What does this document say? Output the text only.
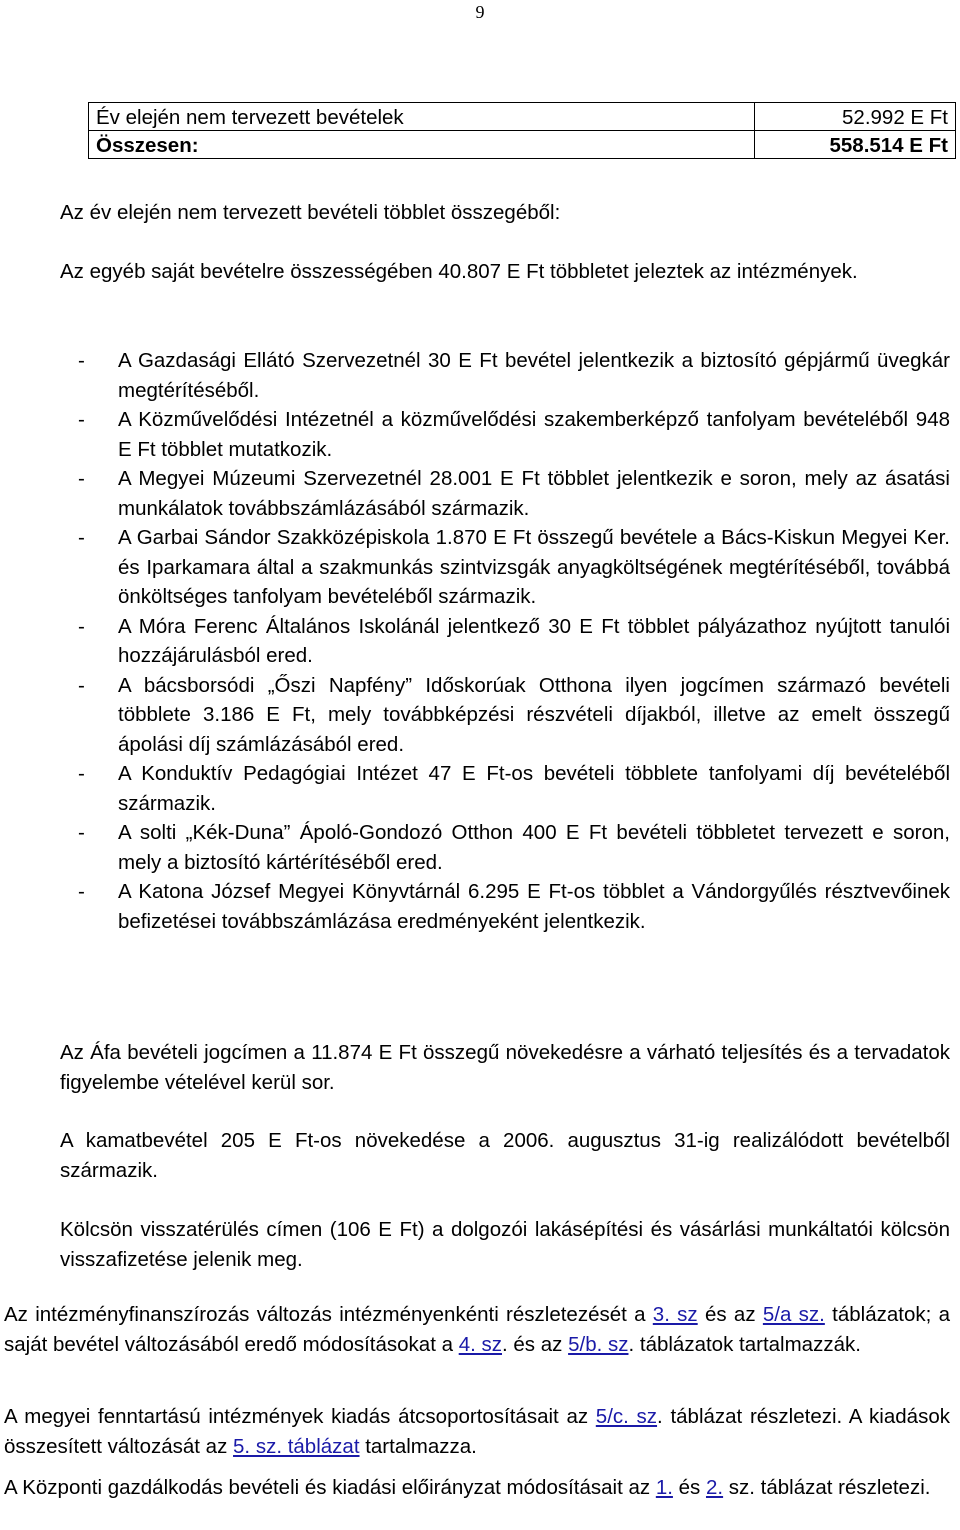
9
Év elején nem tervezett bevételek	52.992 E Ft
Összesen:	558.514 E Ft
Az év elején nem tervezett bevételi többlet összegéből:
Az egyéb saját bevételre összességében 40.807 E Ft többletet jeleztek az intézmények.
- A Gazdasági Ellátó Szervezetnél 30 E Ft bevétel jelentkezik a biztosító gépjármű üvegkár megtérítéséből.
- A Közművelődési Intézetnél a közművelődési szakemberképző tanfolyam bevételéből 948 E Ft többlet mutatkozik.
- A Megyei Múzeumi Szervezetnél 28.001 E Ft többlet jelentkezik e soron, mely az ásatási munkálatok továbbszámlázásából származik.
- A Garbai Sándor Szakközépiskola 1.870 E Ft összegű bevétele a Bács-Kiskun Megyei Ker. és Iparkamara által a szakmunkás szintvizsgák anyagköltségének megtérítéséből, továbbá önköltséges tanfolyam bevételéből származik.
- A Móra Ferenc Általános Iskolánál jelentkező 30 E Ft többlet pályázathoz nyújtott tanulói hozzájárulásból ered.
- A bácsborsódi „Őszi Napfény” Időskorúak Otthona ilyen jogcímen származó bevételi többlete 3.186 E Ft, mely továbbképzési részvételi díjakból, illetve az emelt összegű ápolási díj számlázásából ered.
- A Konduktív Pedagógiai Intézet 47 E Ft-os bevételi többlete tanfolyami díj bevételéből származik.
- A solti „Kék-Duna” Ápoló-Gondozó Otthon 400 E Ft bevételi többletet tervezett e soron, mely a biztosító kártérítéséből ered.
- A Katona József Megyei Könyvtárnál 6.295 E Ft-os többlet a Vándorgyűlés résztvevőinek befizetései továbbszámlázása eredményeként jelentkezik.
Az Áfa bevételi jogcímen a 11.874 E Ft összegű növekedésre a várható teljesítés és a tervadatok figyelembe vételével kerül sor.
A kamatbevétel 205 E Ft-os növekedése a 2006. augusztus 31-ig realizálódott bevételből származik.
Kölcsön visszatérülés címen (106 E Ft) a dolgozói lakásépítési és vásárlási munkáltatói kölcsön visszafizetése jelenik meg.

Az intézményfinanszírozás változás intézményenkénti részletezését a 3. sz és az 5/a sz. táblázatok; a saját bevétel változásából eredő módosításokat a 4. sz. és az 5/b. sz. táblázatok tartalmazzák.

A megyei fenntartású intézmények kiadás átcsoportosításait az 5/c. sz. táblázat részletezi. A kiadások összesített változását az 5. sz. táblázat tartalmazza.

A Központi gazdálkodás bevételi és kiadási előirányzat módosításait az 1. és 2. sz. táblázat részletezi.
